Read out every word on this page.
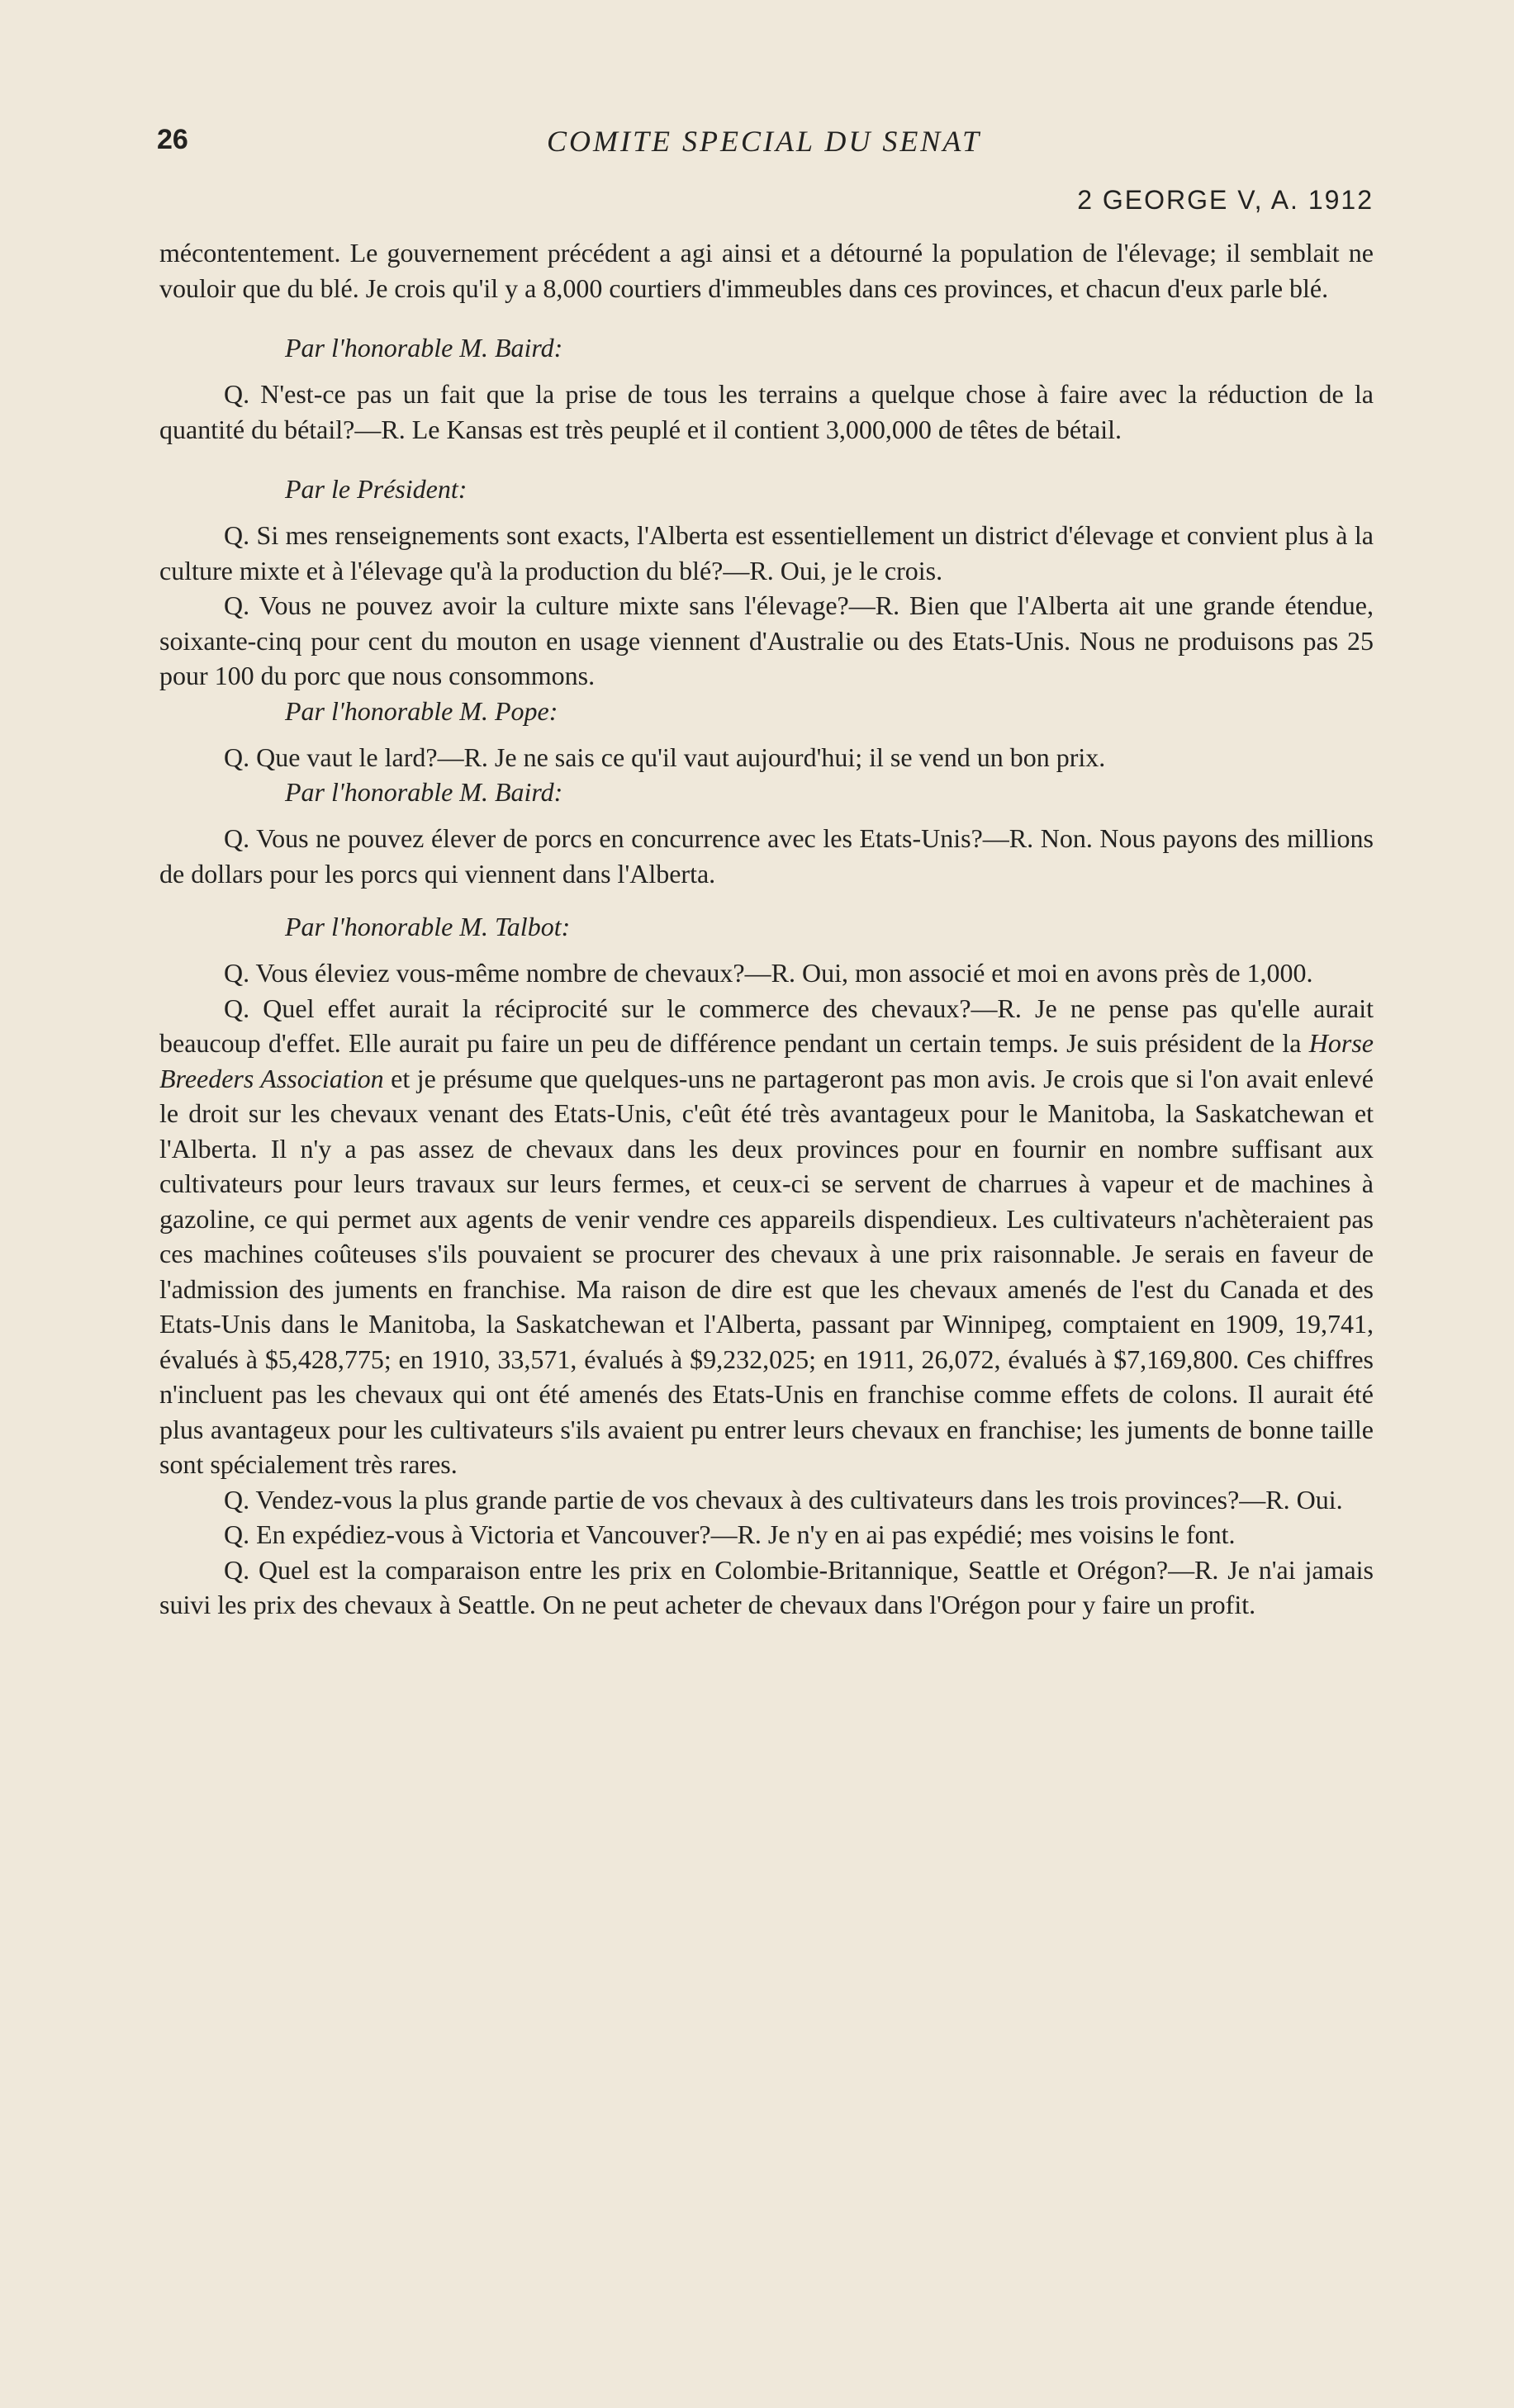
26	COMITE SPECIAL DU SENAT
2 GEORGE V, A. 1912

mécontentement. Le gouvernement précédent a agi ainsi et a détourné la population de l'élevage; il semblait ne vouloir que du blé. Je crois qu'il y a 8,000 courtiers d'immeubles dans ces provinces, et chacun d'eux parle blé.

Par l'honorable M. Baird:

Q. N'est-ce pas un fait que la prise de tous les terrains a quelque chose à faire avec la réduction de la quantité du bétail?—R. Le Kansas est très peuplé et il contient 3,000,000 de têtes de bétail.

Par le Président:

Q. Si mes renseignements sont exacts, l'Alberta est essentiellement un district d'élevage et convient plus à la culture mixte et à l'élevage qu'à la production du blé?—R. Oui, je le crois.

Q. Vous ne pouvez avoir la culture mixte sans l'élevage?—R. Bien que l'Alberta ait une grande étendue, soixante-cinq pour cent du mouton en usage viennent d'Australie ou des Etats-Unis. Nous ne produisons pas 25 pour 100 du porc que nous consommons.

Par l'honorable M. Pope:

Q. Que vaut le lard?—R. Je ne sais ce qu'il vaut aujourd'hui; il se vend un bon prix.

Par l'honorable M. Baird:

Q. Vous ne pouvez élever de porcs en concurrence avec les Etats-Unis?—R. Non. Nous payons des millions de dollars pour les porcs qui viennent dans l'Alberta.

Par l'honorable M. Talbot:

Q. Vous éleviez vous-même nombre de chevaux?—R. Oui, mon associé et moi en avons près de 1,000.

Q. Quel effet aurait la réciprocité sur le commerce des chevaux?—R. Je ne pense pas qu'elle aurait beaucoup d'effet. Elle aurait pu faire un peu de différence pendant un certain temps. Je suis président de la Horse Breeders Association et je présume que quelques-uns ne partageront pas mon avis. Je crois que si l'on avait enlevé le droit sur les chevaux venant des Etats-Unis, c'eût été très avantageux pour le Manitoba, la Saskatchewan et l'Alberta. Il n'y a pas assez de chevaux dans les deux provinces pour en fournir en nombre suffisant aux cultivateurs pour leurs travaux sur leurs fermes, et ceux-ci se servent de charrues à vapeur et de machines à gazoline, ce qui permet aux agents de venir vendre ces appareils dispendieux. Les cultivateurs n'achèteraient pas ces machines coûteuses s'ils pouvaient se procurer des chevaux à une prix raisonnable. Je serais en faveur de l'admission des juments en franchise. Ma raison de dire est que les chevaux amenés de l'est du Canada et des Etats-Unis dans le Manitoba, la Saskatchewan et l'Alberta, passant par Winnipeg, comptaient en 1909, 19,741, évalués à $5,428,775; en 1910, 33,571, évalués à $9,232,025; en 1911, 26,072, évalués à $7,169,800. Ces chiffres n'incluent pas les chevaux qui ont été amenés des Etats-Unis en franchise comme effets de colons. Il aurait été plus avantageux pour les cultivateurs s'ils avaient pu entrer leurs chevaux en franchise; les juments de bonne taille sont spécialement très rares.

Q. Vendez-vous la plus grande partie de vos chevaux à des cultivateurs dans les trois provinces?—R. Oui.

Q. En expédiez-vous à Victoria et Vancouver?—R. Je n'y en ai pas expédié; mes voisins le font.

Q. Quel est la comparaison entre les prix en Colombie-Britannique, Seattle et Orégon?—R. Je n'ai jamais suivi les prix des chevaux à Seattle. On ne peut acheter de chevaux dans l'Orégon pour y faire un profit.
